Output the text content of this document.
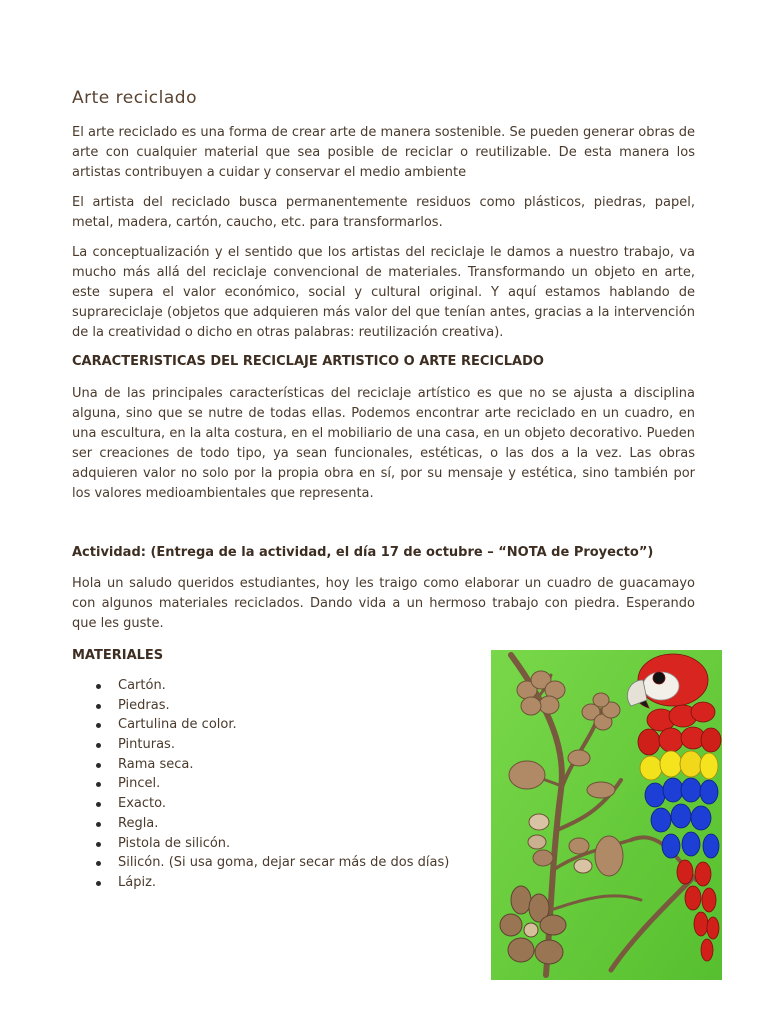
Arte reciclado

El arte reciclado es una forma de crear arte de manera sostenible. Se pueden generar obras de arte con cualquier material que sea posible de reciclar o reutilizable. De esta manera los artistas contribuyen a cuidar y conservar el medio ambiente

El artista del reciclado busca permanentemente residuos como plásticos, piedras, papel, metal, madera, cartón, caucho, etc. para transformarlos.

La conceptualización y el sentido que los artistas del reciclaje le damos a nuestro trabajo, va mucho más allá del reciclaje convencional de materiales. Transformando un objeto en arte, este supera el valor económico, social y cultural original. Y aquí estamos hablando de suprareciclaje (objetos que adquieren más valor del que tenían antes, gracias a la intervención de la creatividad o dicho en otras palabras: reutilización creativa).

CARACTERISTICAS DEL RECICLAJE ARTISTICO O ARTE RECICLADO

Una de las principales características del reciclaje artístico es que no se ajusta a disciplina alguna, sino que se nutre de todas ellas. Podemos encontrar arte reciclado en un cuadro, en una escultura, en la alta costura, en el mobiliario de una casa, en un objeto decorativo. Pueden ser creaciones de todo tipo, ya sean funcionales, estéticas, o las dos a la vez. Las obras adquieren valor no solo por la propia obra en sí, por su mensaje y estética, sino también por los valores medioambientales que representa.

Actividad: (Entrega de la actividad, el día 17 de octubre – “NOTA de Proyecto”)

Hola un saludo queridos estudiantes, hoy les traigo como elaborar un cuadro de guacamayo con algunos materiales reciclados. Dando vida a un hermoso trabajo con piedra. Esperando que les guste.

MATERIALES

Cartón.
Piedras.
Cartulina de color.
Pinturas.
Rama seca.
Pincel.
Exacto.
Regla.
Pistola de silicón.
Silicón. (Si usa goma, dejar secar más de dos días)
Lápiz.
